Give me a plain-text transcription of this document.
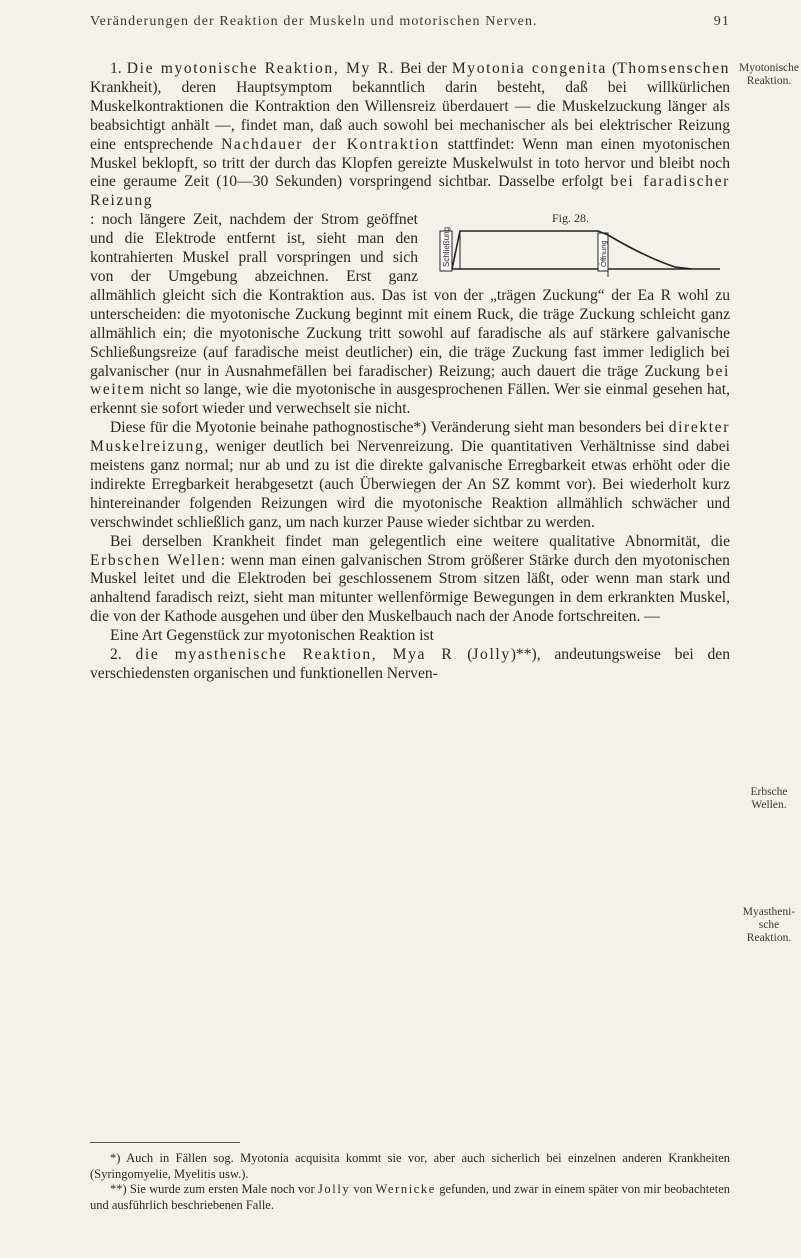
Veränderungen der Reaktion der Muskeln und motorischen Nerven.	91
Myotonische Reaktion.
Erbsche Wellen.
Myastheni-sche Reaktion.

1. Die myotonische Reaktion, My R. Bei der Myotonia congenita (Thomsenschen Krankheit), deren Hauptsymptom bekanntlich darin besteht, daß bei willkürlichen Muskelkontraktionen die Kontraktion den Willensreiz überdauert — die Muskelzuckung länger als beabsichtigt anhält —, findet man, daß auch sowohl bei mechanischer als bei elektrischer Reizung eine entsprechende Nachdauer der Kontraktion stattfindet: Wenn man einen myotonischen Muskel beklopft, so tritt der durch das Klopfen gereizte Muskelwulst in toto hervor und bleibt noch eine geraume Zeit (10—30 Sekunden) vorspringend sichtbar. Dasselbe erfolgt bei faradischer Reizung

Fig. 28.
Schließung	Öffnung
: noch längere Zeit, nachdem der Strom geöffnet und die Elektrode entfernt ist, sieht man den kontrahierten Muskel prall vorspringen und sich von der Umgebung abzeichnen. Erst ganz allmählich gleicht sich die Kontraktion aus. Das ist von der „trägen Zuckung“ der Ea R wohl zu unterscheiden: die myotonische Zuckung beginnt mit einem Ruck, die träge Zuckung schleicht ganz allmählich ein; die myotonische Zuckung tritt sowohl auf faradische als auf stärkere galvanische Schließungsreize (auf faradische meist deutlicher) ein, die träge Zuckung fast immer lediglich bei galvanischer (nur in Ausnahmefällen bei faradischer) Reizung; auch dauert die träge Zuckung bei weitem nicht so lange, wie die myotonische in ausgesprochenen Fällen. Wer sie einmal gesehen hat, erkennt sie sofort wieder und verwechselt sie nicht.

Diese für die Myotonie beinahe pathognostische*) Veränderung sieht man besonders bei direkter Muskelreizung, weniger deutlich bei Nervenreizung. Die quantitativen Verhältnisse sind dabei meistens ganz normal; nur ab und zu ist die direkte galvanische Erregbarkeit etwas erhöht oder die indirekte Erregbarkeit herabgesetzt (auch Überwiegen der An SZ kommt vor). Bei wiederholt kurz hintereinander folgenden Reizungen wird die myotonische Reaktion allmählich schwächer und verschwindet schließlich ganz, um nach kurzer Pause wieder sichtbar zu werden.

Bei derselben Krankheit findet man gelegentlich eine weitere qualitative Abnormität, die Erbschen Wellen: wenn man einen galvanischen Strom größerer Stärke durch den myotonischen Muskel leitet und die Elektroden bei geschlossenem Strom sitzen läßt, oder wenn man stark und anhaltend faradisch reizt, sieht man mitunter wellenförmige Bewegungen in dem erkrankten Muskel, die von der Kathode ausgehen und über den Muskelbauch nach der Anode fortschreiten. —

Eine Art Gegenstück zur myotonischen Reaktion ist

2. die myasthenische Reaktion, Mya R (Jolly)**), andeutungsweise bei den verschiedensten organischen und funktionellen Nerven-

*) Auch in Fällen sog. Myotonia acquisita kommt sie vor, aber auch sicherlich bei einzelnen anderen Krankheiten (Syringomyelie, Myelitis usw.).

**) Sie wurde zum ersten Male noch vor Jolly von Wernicke gefunden, und zwar in einem später von mir beobachteten und ausführlich beschriebenen Falle.
